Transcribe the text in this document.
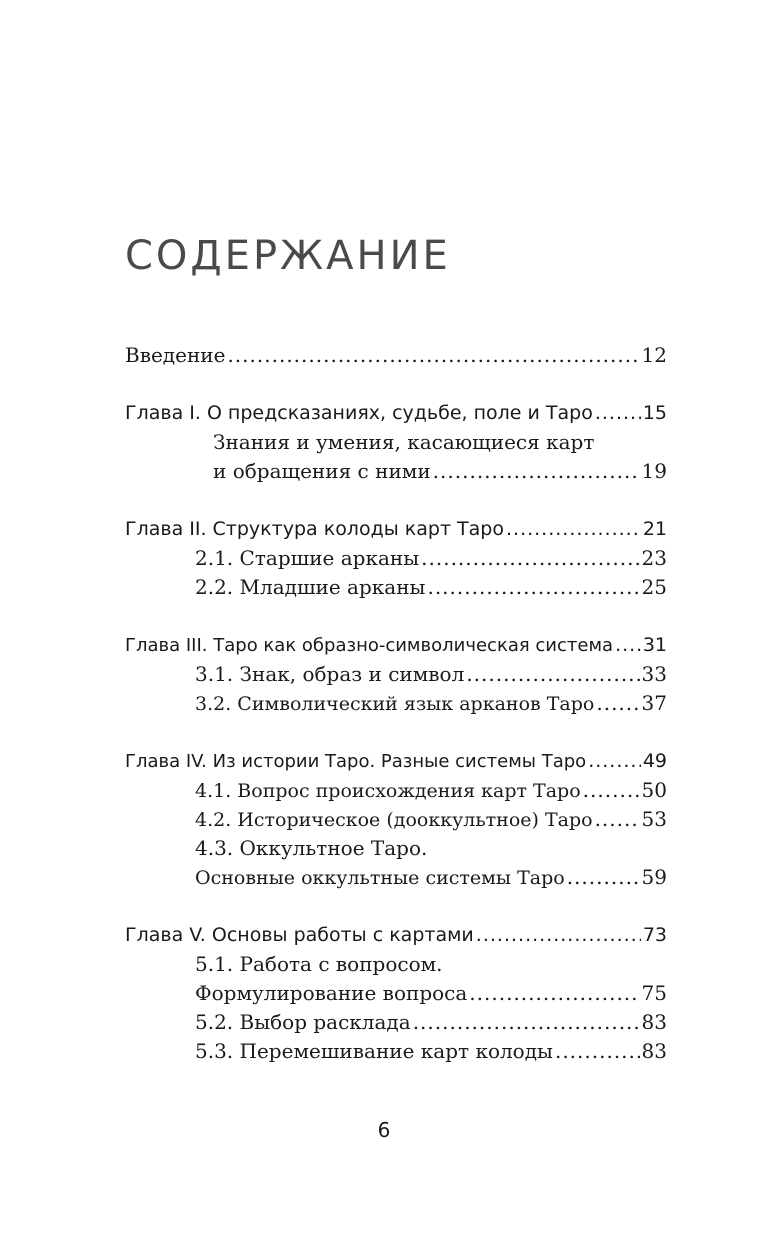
СОДЕРЖАНИЕ
Введение .....	12
Глава I. О предсказаниях, судьбе, поле и Таро .....	15
Знания и умения, касающиеся карт
и обращения с ними .....	19
Глава II. Структура колоды карт Таро .....	21
2.1. Старшие арканы .....	23
2.2. Младшие арканы .....	25
Глава III. Таро как образно-символическая система ..... 31
3.1. Знак, образ и символ .....	33
3.2. Символический язык арканов Таро ..... 37
Глава IV. Из истории Таро. Разные системы Таро .....	49
4.1. Вопрос происхождения карт Таро .....	50
4.2. Историческое (дооккультное) Таро ..... 53
4.3. Оккультное Таро.
Основные оккультные системы Таро .....	59
Глава V. Основы работы с картами .....	73
5.1. Работа с вопросом.
Формулирование вопроса .....	75
5.2. Выбор расклада .....	83
5.3. Перемешивание карт колоды .....	83
6
